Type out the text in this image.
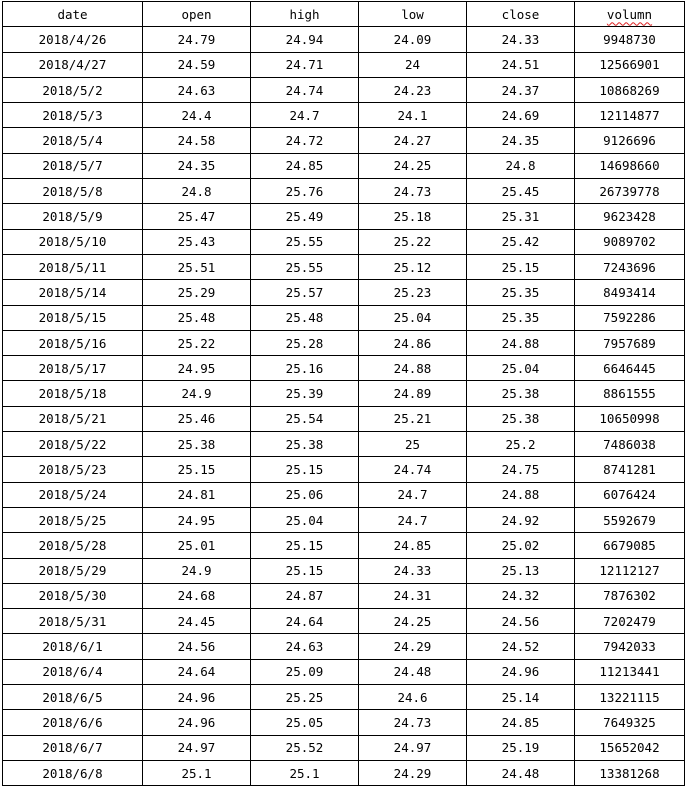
date	open	high	low	close	volumn
2018/4/26	24.79	24.94	24.09	24.33	9948730
2018/4/27	24.59	24.71	24	24.51	12566901
2018/5/2	24.63	24.74	24.23	24.37	10868269
2018/5/3	24.4	24.7	24.1	24.69	12114877
2018/5/4	24.58	24.72	24.27	24.35	9126696
2018/5/7	24.35	24.85	24.25	24.8	14698660
2018/5/8	24.8	25.76	24.73	25.45	26739778
2018/5/9	25.47	25.49	25.18	25.31	9623428
2018/5/10	25.43	25.55	25.22	25.42	9089702
2018/5/11	25.51	25.55	25.12	25.15	7243696
2018/5/14	25.29	25.57	25.23	25.35	8493414
2018/5/15	25.48	25.48	25.04	25.35	7592286
2018/5/16	25.22	25.28	24.86	24.88	7957689
2018/5/17	24.95	25.16	24.88	25.04	6646445
2018/5/18	24.9	25.39	24.89	25.38	8861555
2018/5/21	25.46	25.54	25.21	25.38	10650998
2018/5/22	25.38	25.38	25	25.2	7486038
2018/5/23	25.15	25.15	24.74	24.75	8741281
2018/5/24	24.81	25.06	24.7	24.88	6076424
2018/5/25	24.95	25.04	24.7	24.92	5592679
2018/5/28	25.01	25.15	24.85	25.02	6679085
2018/5/29	24.9	25.15	24.33	25.13	12112127
2018/5/30	24.68	24.87	24.31	24.32	7876302
2018/5/31	24.45	24.64	24.25	24.56	7202479
2018/6/1	24.56	24.63	24.29	24.52	7942033
2018/6/4	24.64	25.09	24.48	24.96	11213441
2018/6/5	24.96	25.25	24.6	25.14	13221115
2018/6/6	24.96	25.05	24.73	24.85	7649325
2018/6/7	24.97	25.52	24.97	25.19	15652042
2018/6/8	25.1	25.1	24.29	24.48	13381268
